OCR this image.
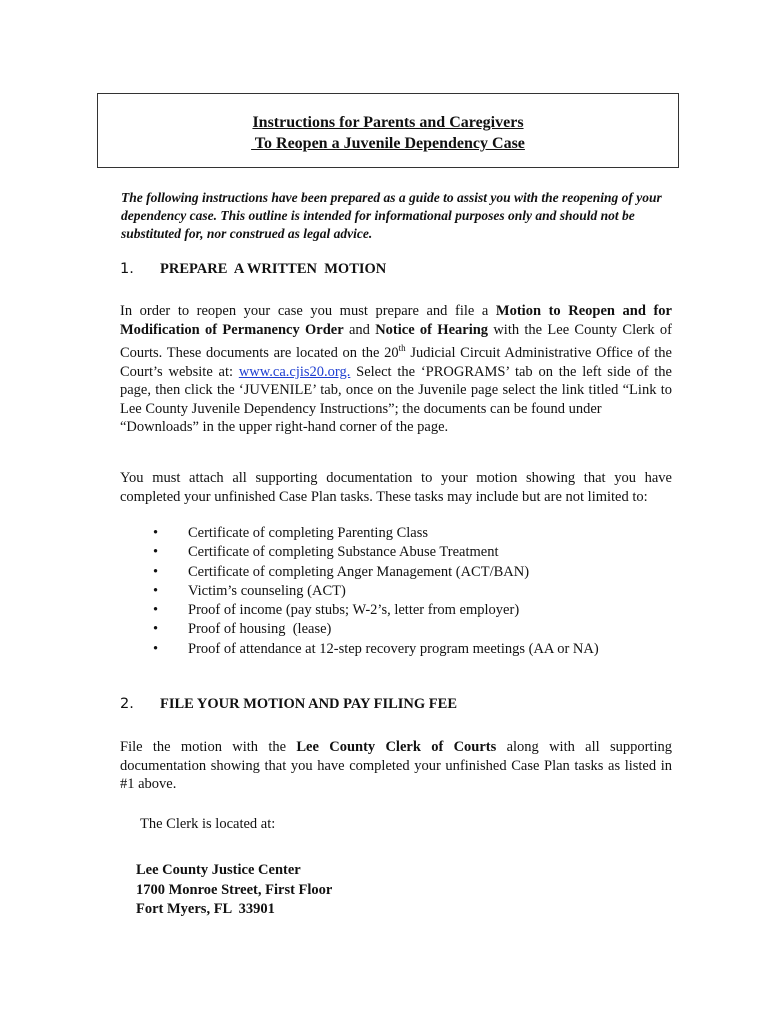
Instructions for Parents and Caregivers
To Reopen a Juvenile Dependency Case
The following instructions have been prepared as a guide to assist you with the reopening of your dependency case. This outline is intended for informational purposes only and should not be substituted for, nor construed as legal advice.
1. PREPARE  A WRITTEN  MOTION
In order to reopen your case you must prepare and file a Motion to Reopen and for Modification of Permanency Order and Notice of Hearing with the Lee County Clerk of Courts. These documents are located on the 20th Judicial Circuit Administrative Office of the Court’s website at: www.ca.cjis20.org. Select the ‘PROGRAMS’ tab on the left side of the page, then click the ‘JUVENILE’ tab, once on the Juvenile page select the link titled “Link to Lee County Juvenile Dependency Instructions”; the documents can be found under
“Downloads” in the upper right-hand corner of the page.
You must attach all supporting documentation to your motion showing that you have completed your unfinished Case Plan tasks. These tasks may include but are not limited to:
• Certificate of completing Parenting Class
• Certificate of completing Substance Abuse Treatment
• Certificate of completing Anger Management (ACT/BAN)
• Victim’s counseling (ACT)
• Proof of income (pay stubs; W-2’s, letter from employer)
• Proof of housing  (lease)
• Proof of attendance at 12-step recovery program meetings (AA or NA)
2. FILE YOUR MOTION AND PAY FILING FEE
File the motion with the Lee County Clerk of Courts along with all supporting documentation showing that you have completed your unfinished Case Plan tasks as listed in #1 above.
The Clerk is located at:
Lee County Justice Center
1700 Monroe Street, First Floor
Fort Myers, FL  33901
